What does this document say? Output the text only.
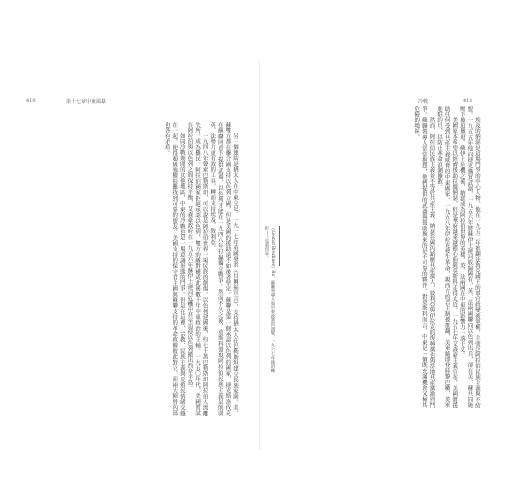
410	第十七章 中東風暴

另一個連結是猶太人在中東立足。一九一七年英國發表《貝爾福宣言》，支持猶太人在巴勒斯坦建立民族家園。美、蘇雙方都在聯合國支持以色列立國，但是美國的援助遠不如後者堅定。蘇聯是第一個承認以色列的國家，捷克斯洛伐克在蘇聯同意下提供武器，以色列才能在一九四八年打贏獨立戰爭。然而不久之後，莫斯科發現阿拉伯民族主義是削弱英、法勢力更有效的工具，轉而支持埃及、敘利亞。

一九四八年聲索巴勒斯坦，可以說是阿拉伯世界一場民族的創傷。以色列建國後，約七十萬巴勒斯坦阿拉伯人流離失所，成為難民。阿拉伯國家拒絕承認以色列，雙方的敵對構成此後數十年中東政治的主軸。一九五〇年代，美國嘗試在阿拉伯與以色列之間保持平衡，艾森豪政府在一九五六年蘇伊士運河危機中甚至迫使以色列撤出西奈半島。

如同冷戰期間的其他地區，中東的冷戰也是一場意識形態的鬥爭。但是在這裡，宗教、民族主義與反殖民情緒交織在一起，使得超級強權很難找到可靠的盟友。美國支持的保守君主國與蘇聯支持的革命政權彼此對立，而兩大陣營內部也各有矛盾。

冷戰	411

埃及的納瑟是這場鬥爭的中心人物。他在一九五二年推翻法魯克國王的軍官政變後掌權，主張泛阿拉伯民族主義與不結盟。一九五五年他向捷克購買武器，一九五六年將蘇伊士運河收歸國有，英、法兩國聯同以色列出兵，卻在美、蘇共同施壓下被迫撤退。蘇伊士危機之後，納瑟成為阿拉伯世界的英雄，英、法兩國在中東的影響力一落千丈。

美國原本希望以經濟援助拉攏納瑟，但是華府越來越擔心他與莫斯科走得太近。一九五七年艾森豪主義宣布，美國將援助任何受到共產主義威脅的中東國家。一九五八年伊拉克發生革命，親西方的君主制被推翻，美軍隨即登陸黎巴嫩，英軍進駐約旦，以防止革命浪潮擴散。

然而，阿拉伯民族主義並不等於共產主義。納瑟在國內鎮壓共產黨人，敘利亞與伊拉克的復興黨也與當地共產黨激烈鬥爭。蘇聯領導人常常抱怨，他們提供的武器與援助換來的是不可靠的夥伴。對莫斯科而言，中東是一個既充滿機會又極其危險的地區。

《Leonid Brezhnev》Ra，蘇聯領導人與中東政策的演變，一九六七年後的轉折——見第四章。
